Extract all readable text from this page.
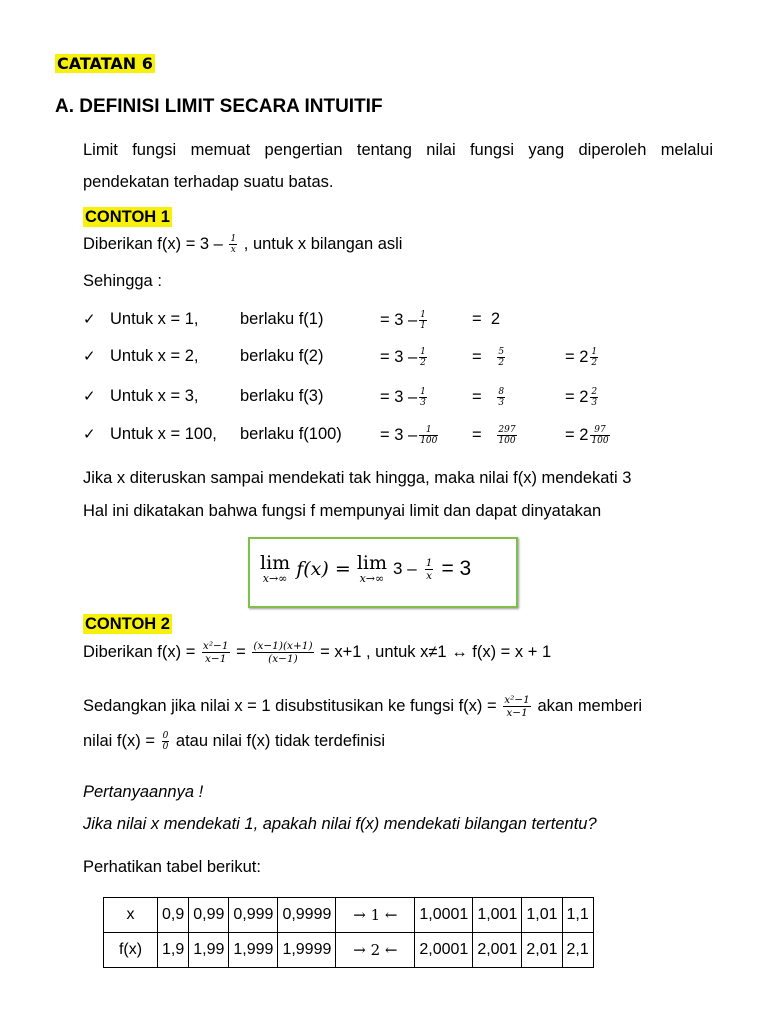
CATATAN 6
A. DEFINISI LIMIT SECARA INTUITIF
Limit fungsi memuat pengertian tentang nilai fungsi yang diperoleh melalui pendekatan terhadap suatu batas.
CONTOH 1
Diberikan $f(x) = 3 - \frac{1}{x}$ , untuk x bilangan asli
Sehingga :
✓ Untuk x = 1,	berlaku f(1)	= $3 - \frac{1}{1}$	= 2
✓ Untuk x = 2,	berlaku f(2)	= $3 - \frac{1}{2}$	= $\frac{5}{2}$	= $2 \frac{1}{2}$
✓ Untuk x = 3,	berlaku f(3)	= $3 - \frac{1}{3}$	= $\frac{8}{3}$	= $2 \frac{2}{3}$
✓ Untuk x = 100, berlaku $f(100) = 3 - \frac{1}{100} = \frac{297}{100}$	= $2 \frac{97}{100}$
Jika x diteruskan sampai mendekati tak hingga, maka nilai f(x) mendekati 3
Hal ini dikatakan bahwa fungsi f mempunyai limit dan dapat dinyatakan
lim
x→∞ f(x) = lim
x→∞
$3 - \frac{1}{x} = 3$
CONTOH 2
Diberikan $f(x) = \frac{\text{x²−1}}{x-1} = \frac{(x-1)(x+1)}{(x-1)} = x+1$ , untuk x≠1 ↔ f(x) = x + 1
Sedangkan jika nilai x = 1 disubstitusikan ke fungsi $f(x) = \frac{\text{x²−1}}{x-1}$ akan memberi
nilai $f(x) = \frac{0}{0}$ atau nilai f(x) tidak terdefinisi
Pertanyaannya !
Jika nilai x mendekati 1, apakah nilai f(x) mendekati bilangan tertentu?
Perhatikan tabel berikut:
x	0,9	0,99	0,999	0,9999	→ 1 ←	1,0001	1,001	1,01	1,1
f(x)	1,9	1,99	1,999	1,9999	→ 2 ←	2,0001	2,001	2,01	2,1
